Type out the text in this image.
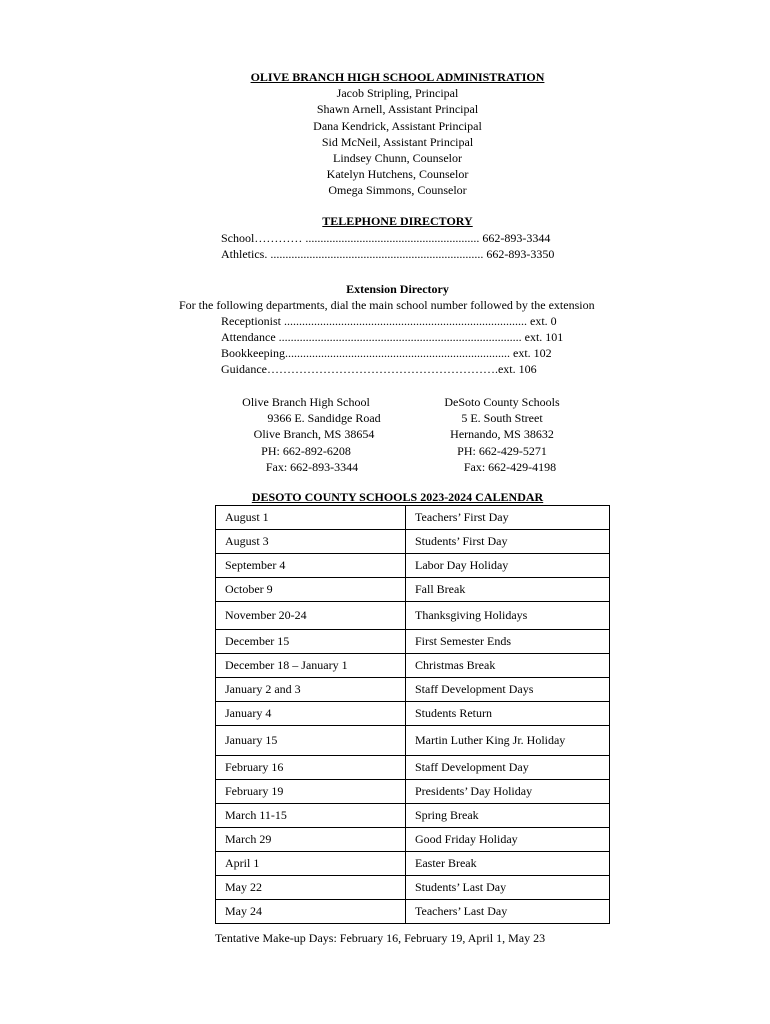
OLIVE BRANCH HIGH SCHOOL ADMINISTRATION
Jacob Stripling, Principal
Shawn Arnell, Assistant Principal
Dana Kendrick, Assistant Principal
Sid McNeil, Assistant Principal
Lindsey Chunn, Counselor
Katelyn Hutchens, Counselor
Omega Simmons, Counselor
TELEPHONE DIRECTORY
School………… .......................................................... 662-893-3344
Athletics. ....................................................................... 662-893-3350
Extension Directory
For the following departments, dial the main school number followed by the extension
Receptionist ................................................................................. ext. 0
Attendance ................................................................................. ext. 101
Bookkeeping........................................................................... ext. 102
Guidance………………………………………………….ext. 106
Olive Branch High School
9366 E. Sandidge Road
Olive Branch, MS 38654
PH: 662-892-6208
Fax: 662-893-3344
DeSoto County Schools
5 E. South Street
Hernando, MS 38632
PH: 662-429-5271
Fax: 662-429-4198
DESOTO COUNTY SCHOOLS 2023-2024 CALENDAR
August 1	Teachers’ First Day
August 3	Students’ First Day
September 4	Labor Day Holiday
October 9	Fall Break
November 20-24	Thanksgiving Holidays
December 15	First Semester Ends
December 18 – January 1	Christmas Break
January 2 and 3	Staff Development Days
January 4	Students Return
January 15	Martin Luther King Jr. Holiday
February 16	Staff Development Day
February 19	Presidents’ Day Holiday
March 11-15	Spring Break
March 29	Good Friday Holiday
April 1	Easter Break
May 22	Students’ Last Day
May 24	Teachers’ Last Day
Tentative Make-up Days: February 16, February 19, April 1, May 23
